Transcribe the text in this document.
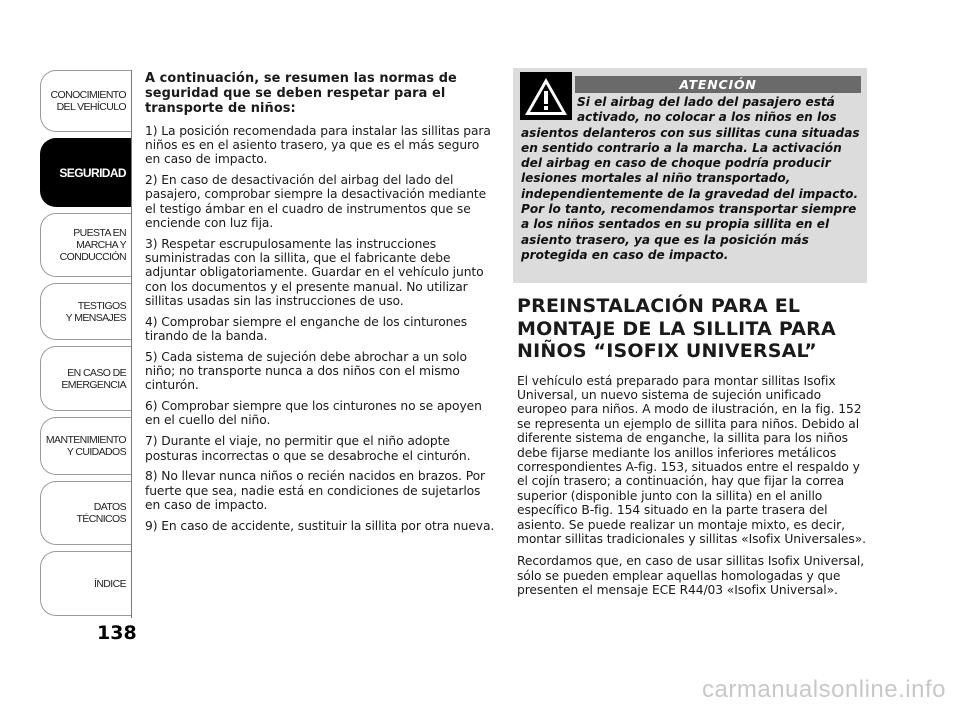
CONOCIMIENTO
DEL VEHÍCULO
SEGURIDAD
PUESTA EN
MARCHA Y
CONDUCCIÓN
TESTIGOS
Y MENSAJES
EN CASO DE
EMERGENCIA
MANTENIMIENTO
Y CUIDADOS
DATOS
TÉCNICOS
ÍNDICE
138

A continuación, se resumen las normas de seguridad que se deben respetar para el transporte de niños:

1) La posición recomendada para instalar las sillitas para niños es en el asiento trasero, ya que es el más seguro en caso de impacto.

2) En caso de desactivación del airbag del lado del pasajero, comprobar siempre la desactivación mediante el testigo ámbar en el cuadro de instrumentos que se enciende con luz fija.

3) Respetar escrupulosamente las instrucciones suministradas con la sillita, que el fabricante debe adjuntar obligatoriamente. Guardar en el vehículo junto con los documentos y el presente manual. No utilizar sillitas usadas sin las instrucciones de uso.

4) Comprobar siempre el enganche de los cinturones tirando de la banda.

5) Cada sistema de sujeción debe abrochar a un solo niño; no transporte nunca a dos niños con el mismo cinturón.

6) Comprobar siempre que los cinturones no se apoyen en el cuello del niño.

7) Durante el viaje, no permitir que el niño adopte posturas incorrectas o que se desabroche el cinturón.

8) No llevar nunca niños o recién nacidos en brazos. Por fuerte que sea, nadie está en condiciones de sujetarlos en caso de impacto.

9) En caso de accidente, sustituir la sillita por otra nueva.

ATENCIÓN
Si el airbag del lado del pasajero está activado, no colocar a los niños en los
asientos delanteros con sus sillitas cuna situadas en sentido contrario a la marcha. La activación del airbag en caso de choque podría producir lesiones mortales al niño transportado, independientemente de la gravedad del impacto. Por lo tanto, recomendamos transportar siempre a los niños sentados en su propia sillita en el asiento trasero, ya que es la posición más protegida en caso de impacto.
PREINSTALACIÓN PARA EL MONTAJE DE LA SILLITA PARA NIÑOS “ISOFIX UNIVERSAL”

El vehículo está preparado para montar sillitas Isofix Universal, un nuevo sistema de sujeción unificado europeo para niños. A modo de ilustración, en la fig. 152 se representa un ejemplo de sillita para niños. Debido al diferente sistema de enganche, la sillita para los niños debe fijarse mediante los anillos inferiores metálicos correspondientes A-fig. 153, situados entre el respaldo y el cojín trasero; a continuación, hay que fijar la correa superior (disponible junto con la sillita) en el anillo específico B-fig. 154 situado en la parte trasera del asiento. Se puede realizar un montaje mixto, es decir, montar sillitas tradicionales y sillitas «Isofix Universales».

Recordamos que, en caso de usar sillitas Isofix Universal, sólo se pueden emplear aquellas homologadas y que presenten el mensaje ECE R44/03 «Isofix Universal».

carmanualsonline.info
